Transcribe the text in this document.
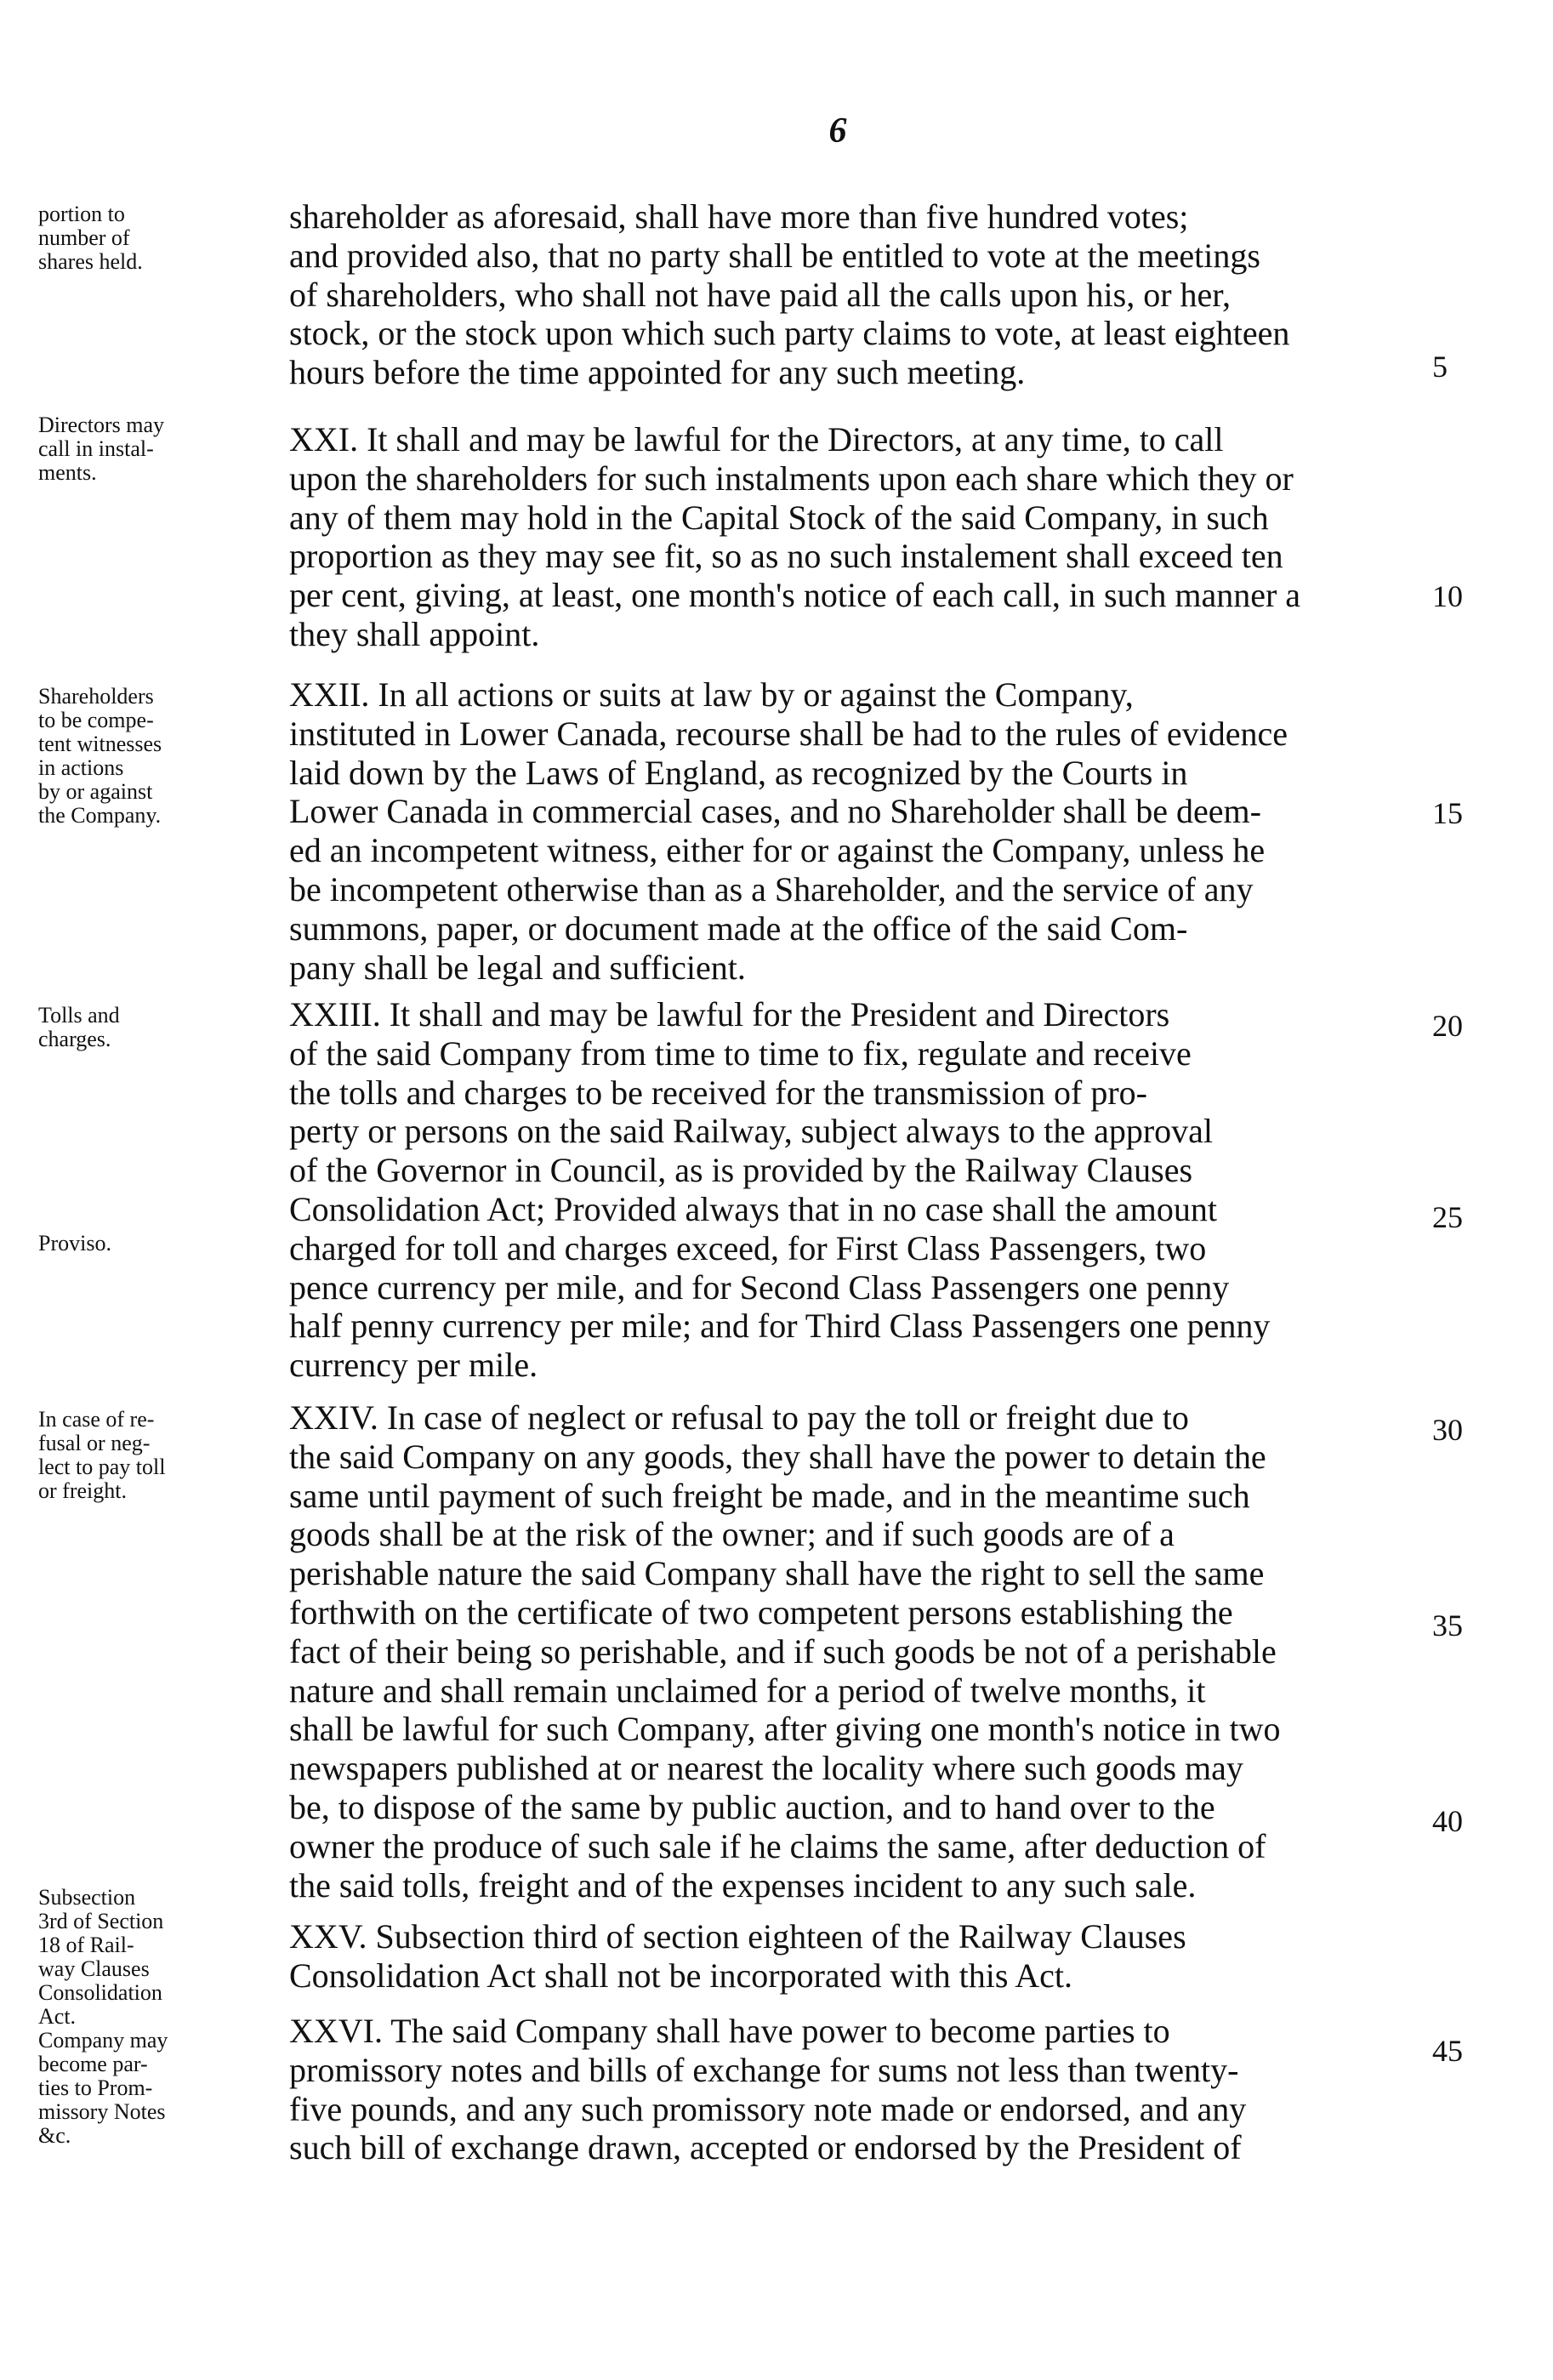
6
shareholder as aforesaid, shall have more than five hundred votes;
and provided also, that no party shall be entitled to vote at the meetings
of shareholders, who shall not have paid all the calls upon his, or her,
stock, or the stock upon which such party claims to vote, at least eighteen
hours before the time appointed for any such meeting.
XXI. It shall and may be lawful for the Directors, at any time, to call
upon the shareholders for such instalments upon each share which they or
any of them may hold in the Capital Stock of the said Company, in such
proportion as they may see fit, so as no such instalement shall exceed ten
per cent, giving, at least, one month's notice of each call, in such manner a
they shall appoint.
XXII. In all actions or suits at law by or against the Company,
instituted in Lower Canada, recourse shall be had to the rules of evidence
laid down by the Laws of England, as recognized by the Courts in
Lower Canada in commercial cases, and no Shareholder shall be deem-
ed an incompetent witness, either for or against the Company, unless he
be incompetent otherwise than as a Shareholder, and the service of any
summons, paper, or document made at the office of the said Com-
pany shall be legal and sufficient.
XXIII. It shall and may be lawful for the President and Directors
of the said Company from time to time to fix, regulate and receive
the tolls and charges to be received for the transmission of pro-
perty or persons on the said Railway, subject always to the approval
of the Governor in Council, as is provided by the Railway Clauses
Consolidation Act; Provided always that in no case shall the amount
charged for toll and charges exceed, for First Class Passengers, two
pence currency per mile, and for Second Class Passengers one penny
half penny currency per mile; and for Third Class Passengers one penny
currency per mile.
XXIV. In case of neglect or refusal to pay the toll or freight due to
the said Company on any goods, they shall have the power to detain the
same until payment of such freight be made, and in the meantime such
goods shall be at the risk of the owner; and if such goods are of a
perishable nature the said Company shall have the right to sell the same
forthwith on the certificate of two competent persons establishing the
fact of their being so perishable, and if such goods be not of a perishable
nature and shall remain unclaimed for a period of twelve months, it
shall be lawful for such Company, after giving one month's notice in two
newspapers published at or nearest the locality where such goods may
be, to dispose of the same by public auction, and to hand over to the
owner the produce of such sale if he claims the same, after deduction of
the said tolls, freight and of the expenses incident to any such sale.
XXV. Subsection third of section eighteen of the Railway Clauses
Consolidation Act shall not be incorporated with this Act.
XXVI. The said Company shall have power to become parties to
promissory notes and bills of exchange for sums not less than twenty-
five pounds, and any such promissory note made or endorsed, and any
such bill of exchange drawn, accepted or endorsed by the President of
portion to
number of
shares held.
Directors may
call in instal-
ments.
Shareholders
to be compe-
tent witnesses
in actions
by or against
the Company.
Tolls and
charges.
Proviso.
In case of re-
fusal or neg-
lect to pay toll
or freight.
Subsection
3rd of Section
18 of Rail-
way Clauses
Consolidation
Act.
Company may
become par-
ties to Prom-
missory Notes
&c.
5
10
15
20
25
30
35
40
45
